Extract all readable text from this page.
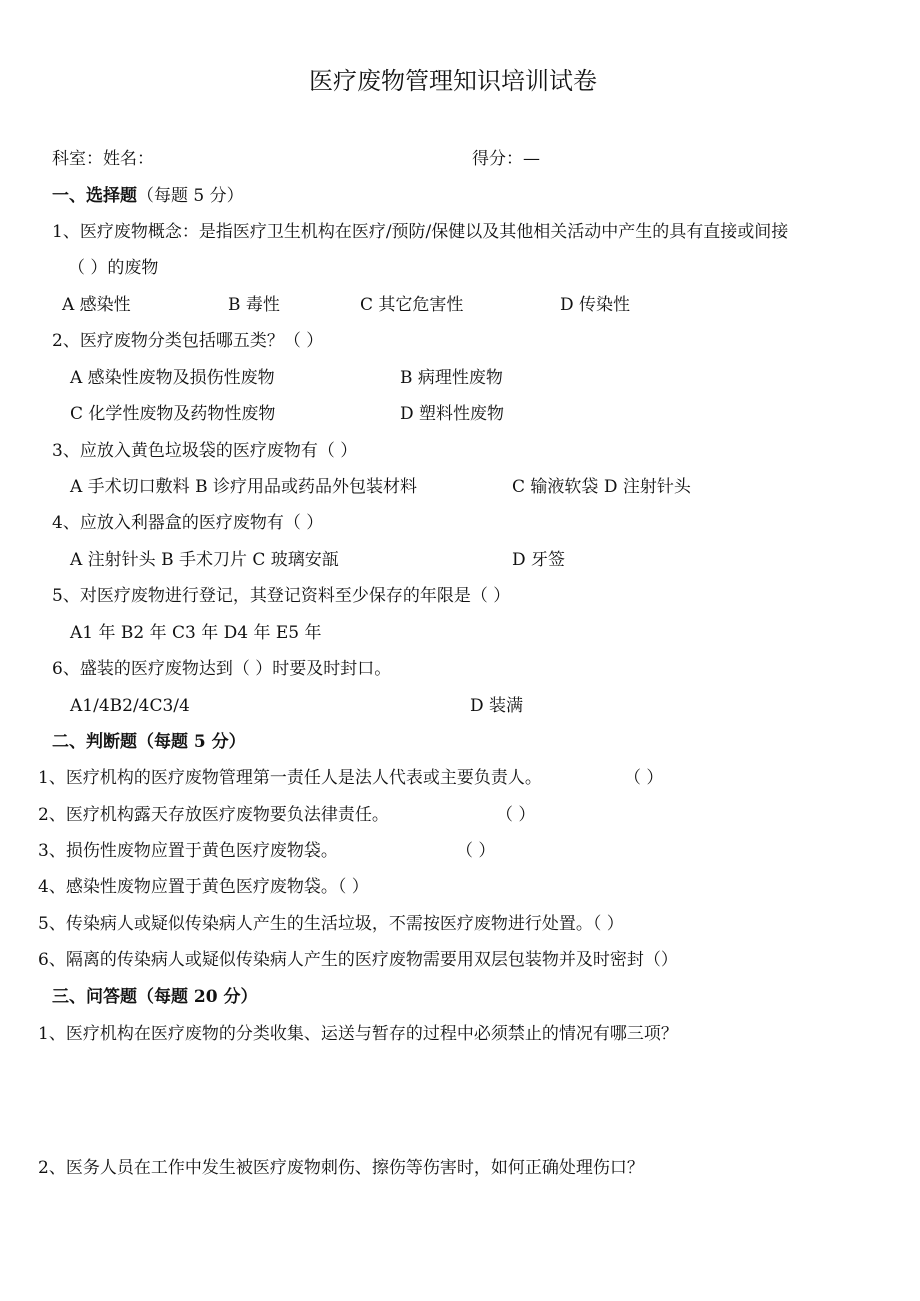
医疗废物管理知识培训试卷
科室：姓名：	得分：—
一、选择题（每题 5 分）
1、医疗废物概念：是指医疗卫生机构在医疗/预防/保健以及其他相关活动中产生的具有直接或间接
（ ）的废物
A 感染性	B 毒性	C 其它危害性	D 传染性
2、医疗废物分类包括哪五类？（ ）
A 感染性废物及损伤性废物	B 病理性废物
C 化学性废物及药物性废物	D 塑料性废物
3、应放入黄色垃圾袋的医疗废物有（ ）
A 手术切口敷料 B 诊疗用品或药品外包装材料	C 输液软袋 D 注射针头
4、应放入利器盒的医疗废物有（ ）
A 注射针头 B 手术刀片 C 玻璃安瓿	D 牙签
5、对医疗废物进行登记，其登记资料至少保存的年限是（ ）
A1 年 B2 年 C3 年 D4 年 E5 年
6、盛装的医疗废物达到（ ）时要及时封口。
A1/4B2/4C3/4	D 装满
二、判断题（每题 5 分）
1、医疗机构的医疗废物管理第一责任人是法人代表或主要负责人。	（ ）
2、医疗机构露天存放医疗废物要负法律责任。	（ ）
3、损伤性废物应置于黄色医疗废物袋。	（ ）
4、感染性废物应置于黄色医疗废物袋。（ ）
5、传染病人或疑似传染病人产生的生活垃圾，不需按医疗废物进行处置。（ ）
6、隔离的传染病人或疑似传染病人产生的医疗废物需要用双层包装物并及时密封（）
三、问答题（每题 20 分）
1、医疗机构在医疗废物的分类收集、运送与暂存的过程中必须禁止的情况有哪三项？
2、医务人员在工作中发生被医疗废物刺伤、擦伤等伤害时，如何正确处理伤口？
